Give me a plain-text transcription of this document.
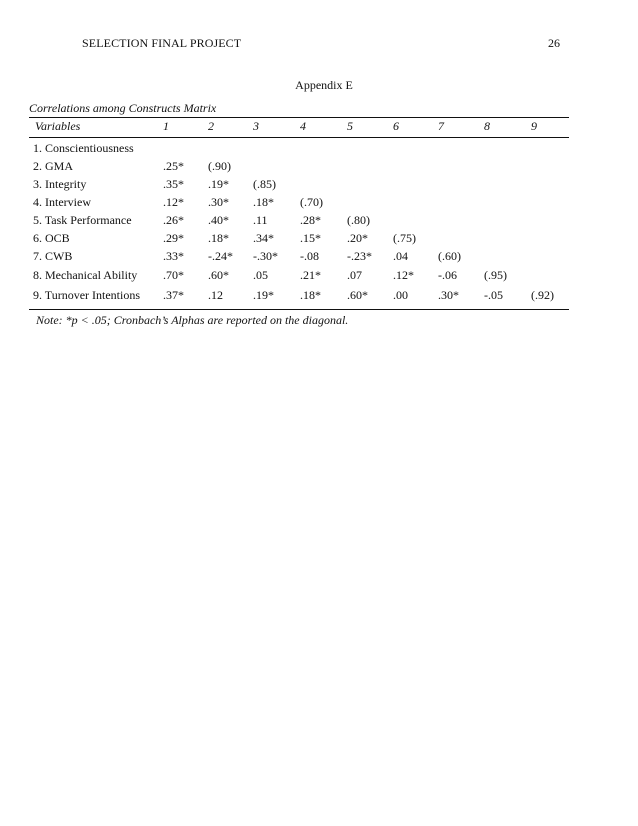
SELECTION FINAL PROJECT	26
Appendix E
Correlations among Constructs Matrix
Variables	1	2	3	4	5	6	7	8	9
1. Conscientiousness
2. GMA	.25* (.90)
3. Integrity	.35* .19* (.85)
4. Interview	.12* .30* .18* (.70)
5. Task Performance	.26* .40* .11	.28* (.80)
6. OCB	.29* .18* .34* .15* .20* (.75)
7. CWB	.33* -.24* -.30* -.08 -.23* .04	(.60)
8. Mechanical Ability .70* .60* .05	.21* .07	.12* -.06 (.95)
9. Turnover Intentions .37* .12	.19* .18* .60* .00	.30* -.05 (.92)
Note: *p < .05; Cronbach’s Alphas are reported on the diagonal.
